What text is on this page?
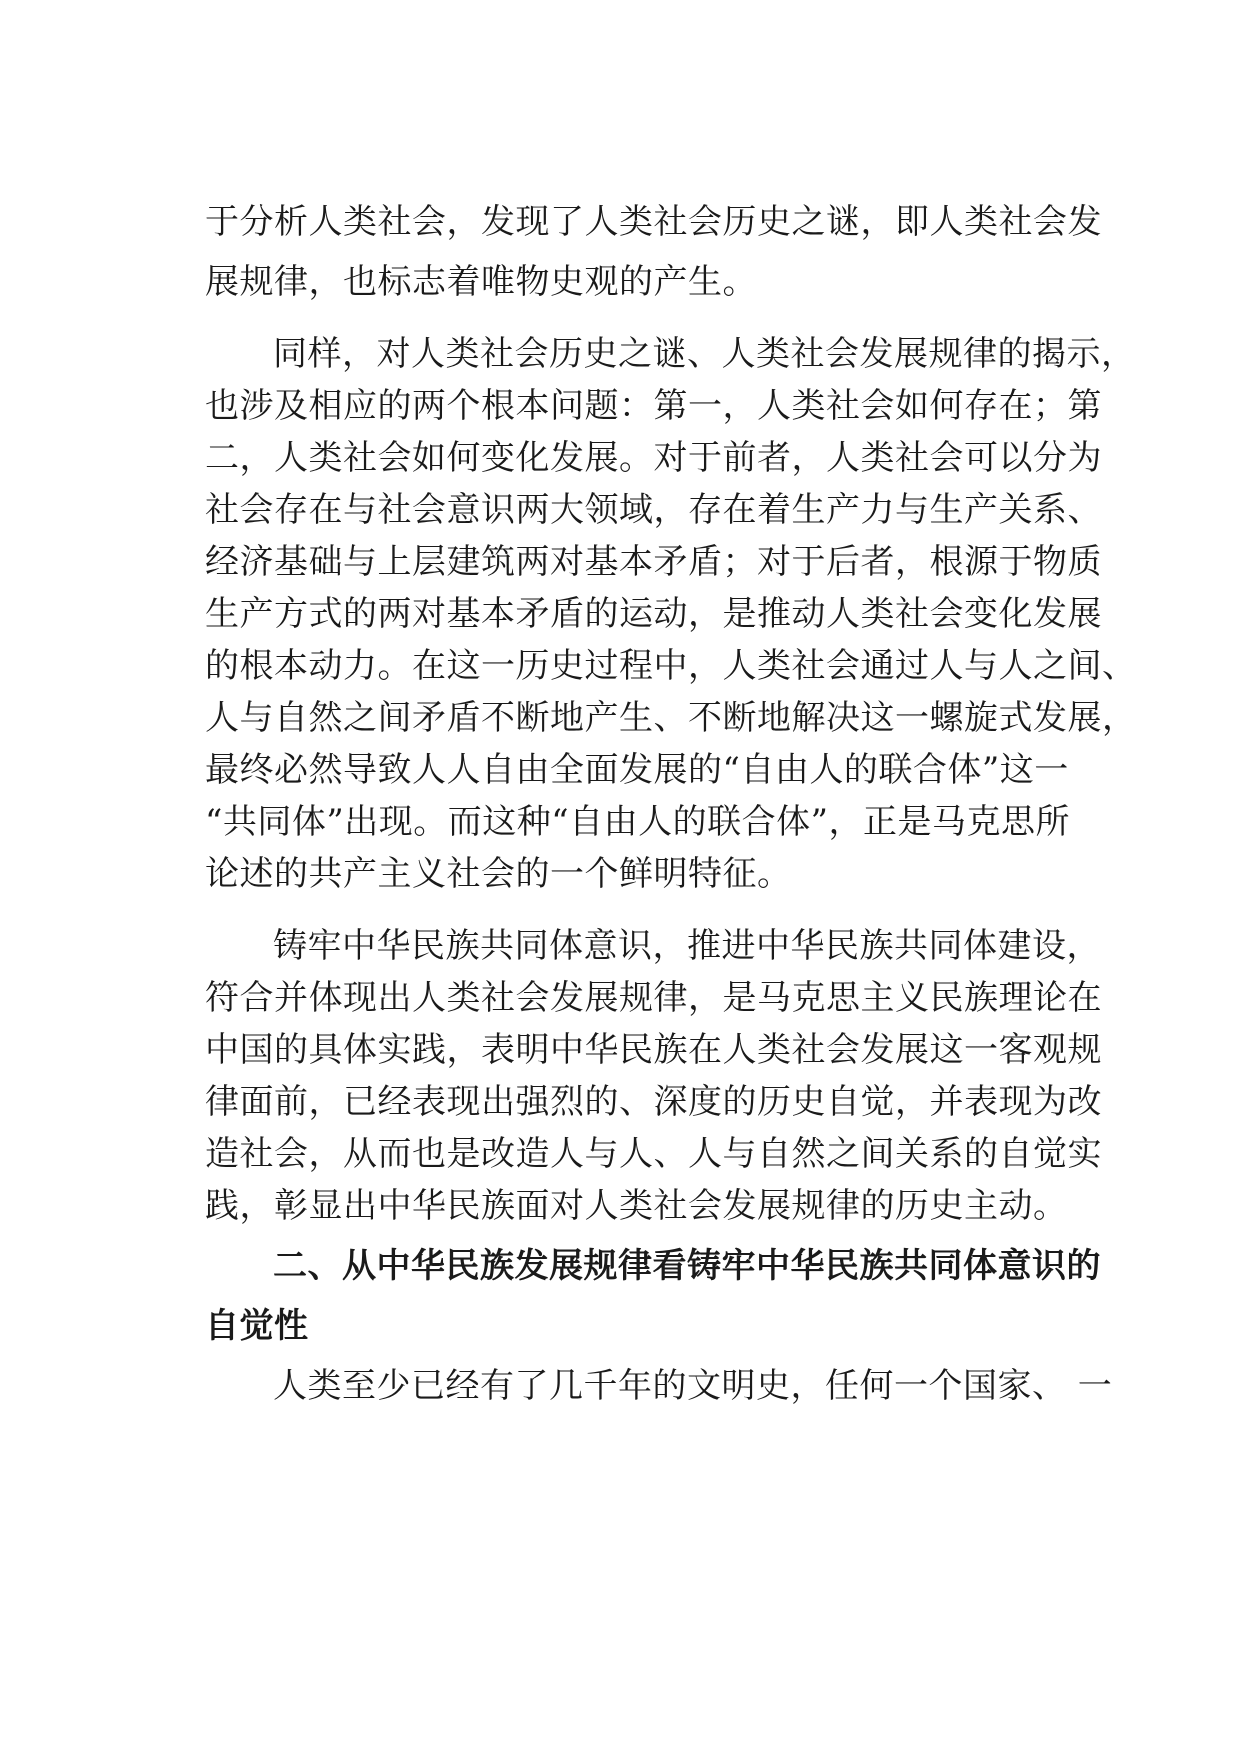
于分析人类社会，发现了人类社会历史之谜，即人类社会发
展规律，也标志着唯物史观的产生。
同样，对人类社会历史之谜、人类社会发展规律的揭示，
也涉及相应的两个根本问题：第一，人类社会如何存在；第
二，人类社会如何变化发展。对于前者，人类社会可以分为
社会存在与社会意识两大领域，存在着生产力与生产关系、
经济基础与上层建筑两对基本矛盾；对于后者，根源于物质
生产方式的两对基本矛盾的运动，是推动人类社会变化发展
的根本动力。在这一历史过程中，人类社会通过人与人之间、
人与自然之间矛盾不断地产生、不断地解决这一螺旋式发展，
最终必然导致人人自由全面发展的“自由人的联合体”这一
“共同体”出现。而这种“自由人的联合体”，正是马克思所
论述的共产主义社会的一个鲜明特征。
铸牢中华民族共同体意识，推进中华民族共同体建设，
符合并体现出人类社会发展规律，是马克思主义民族理论在
中国的具体实践，表明中华民族在人类社会发展这一客观规
律面前，已经表现出强烈的、深度的历史自觉，并表现为改
造社会，从而也是改造人与人、人与自然之间关系的自觉实
践，彰显出中华民族面对人类社会发展规律的历史主动。
二、从中华民族发展规律看铸牢中华民族共同体意识的
自觉性
人类至少已经有了几千年的文明史，任何一个国家、 一
